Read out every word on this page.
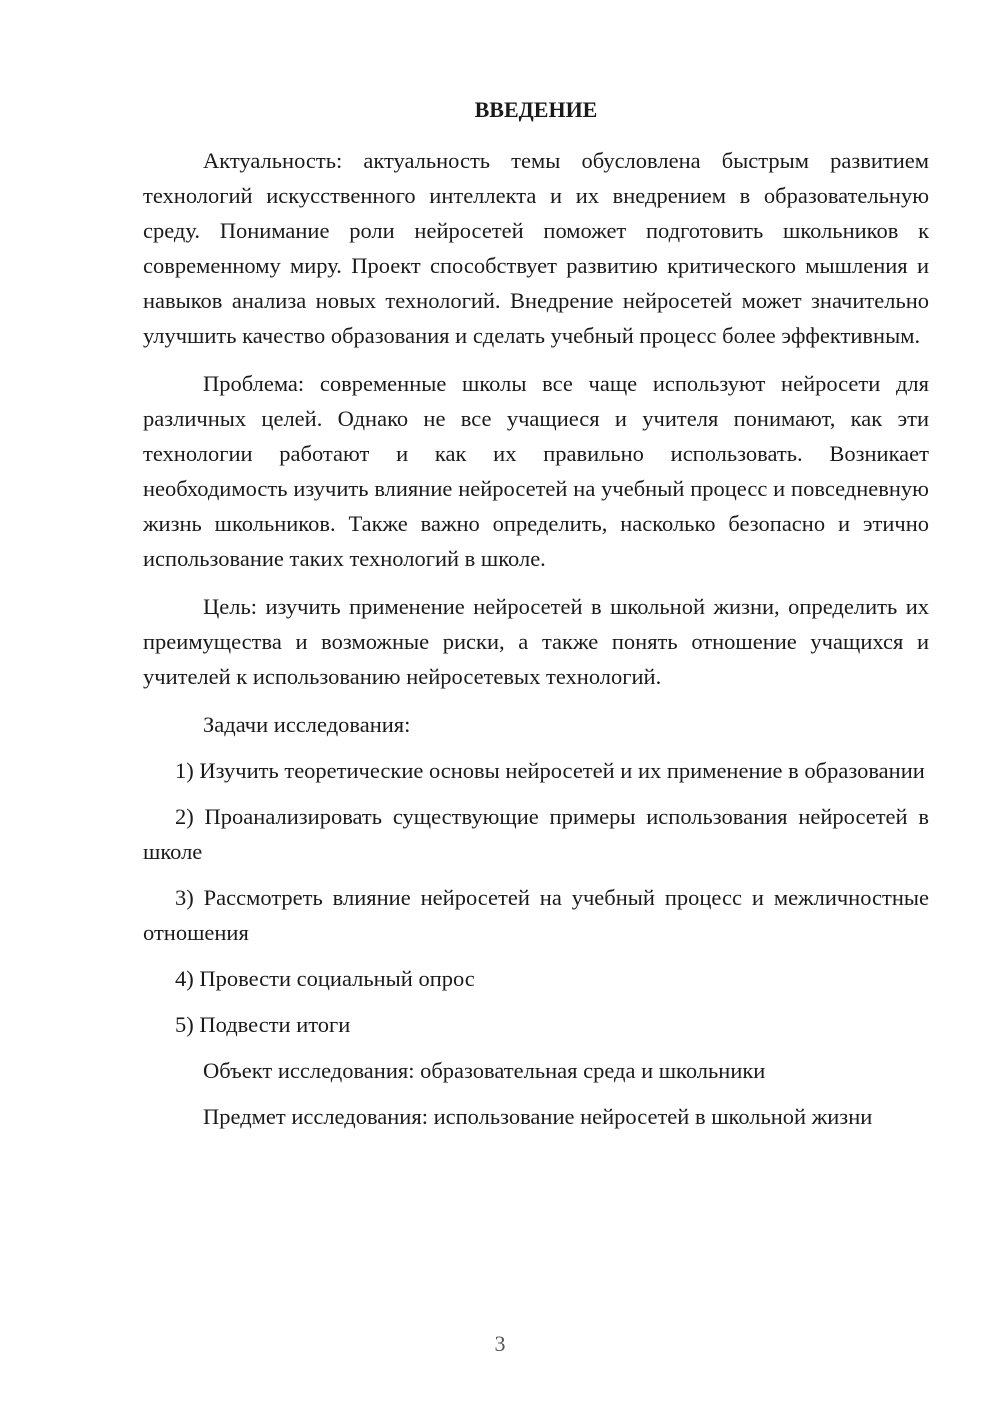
ВВЕДЕНИЕ

Актуальность: актуальность темы обусловлена быстрым развитием технологий искусственного интеллекта и их внедрением в образовательную среду. Понимание роли нейросетей поможет подготовить школьников к современному миру. Проект способствует развитию критического мышления и навыков анализа новых технологий. Внедрение нейросетей может значительно улучшить качество образования и сделать учебный процесс более эффективным.

Проблема: современные школы все чаще используют нейросети для различных целей. Однако не все учащиеся и учителя понимают, как эти технологии работают и как их правильно использовать. Возникает необходимость изучить влияние нейросетей на учебный процесс и повседневную жизнь школьников. Также важно определить, насколько безопасно и этично использование таких технологий в школе.

Цель: изучить применение нейросетей в школьной жизни, определить их преимущества и возможные риски, а также понять отношение учащихся и учителей к использованию нейросетевых технологий.

Задачи исследования:

1) Изучить теоретические основы нейросетей и их применение в образовании

2) Проанализировать существующие примеры использования нейросетей в школе

3) Рассмотреть влияние нейросетей на учебный процесс и межличностные отношения

4) Провести социальный опрос

5) Подвести итоги

Объект исследования: образовательная среда и школьники

Предмет исследования: использование нейросетей в школьной жизни

3
